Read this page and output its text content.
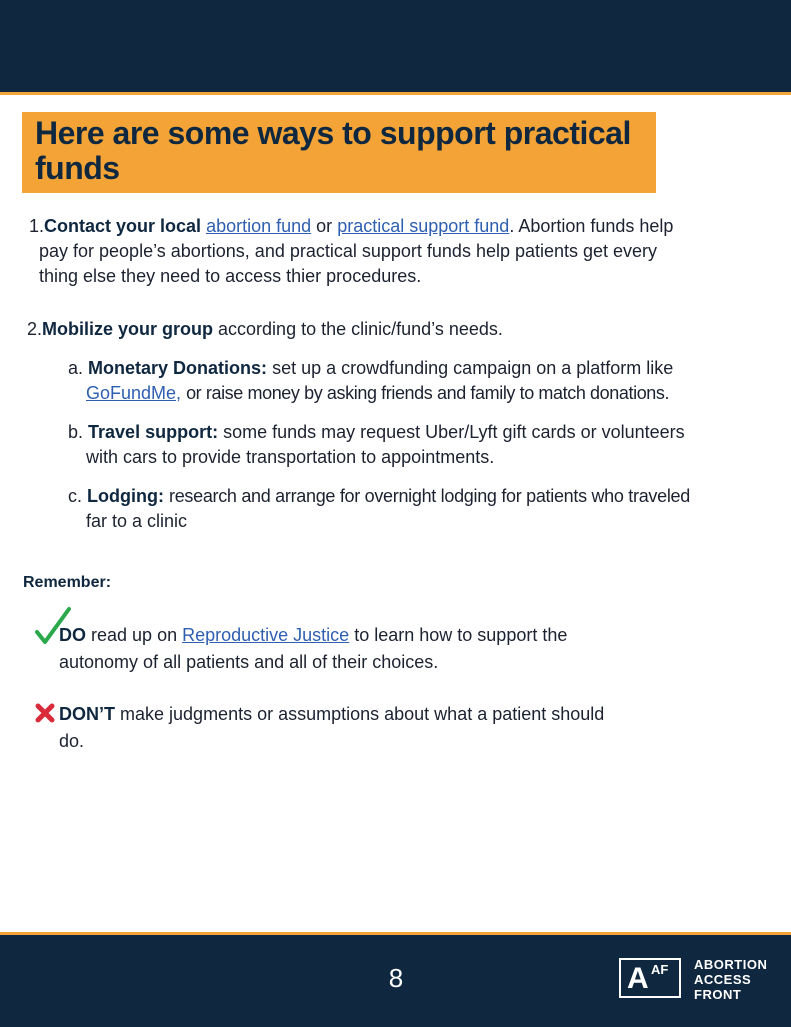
Here are some ways to support practical funds
1.Contact your local abortion fund or practical support fund. Abortion funds help
pay for people’s abortions, and practical support funds help patients get every
thing else they need to access thier procedures.
2.Mobilize your group according to the clinic/fund’s needs.
a. Monetary Donations: set up a crowdfunding campaign on a platform like
GoFundMe, or raise money by asking friends and family to match donations.
b. Travel support: some funds may request Uber/Lyft gift cards or volunteers
with cars to provide transportation to appointments.
c. Lodging: research and arrange for overnight lodging for patients who traveled
far to a clinic
Remember:
DO read up on Reproductive Justice to learn how to support the
autonomy of all patients and all of their choices.
DON’T make judgments or assumptions about what a patient should
do.
8	A AF ABORTION
ACCESS
FRONT
